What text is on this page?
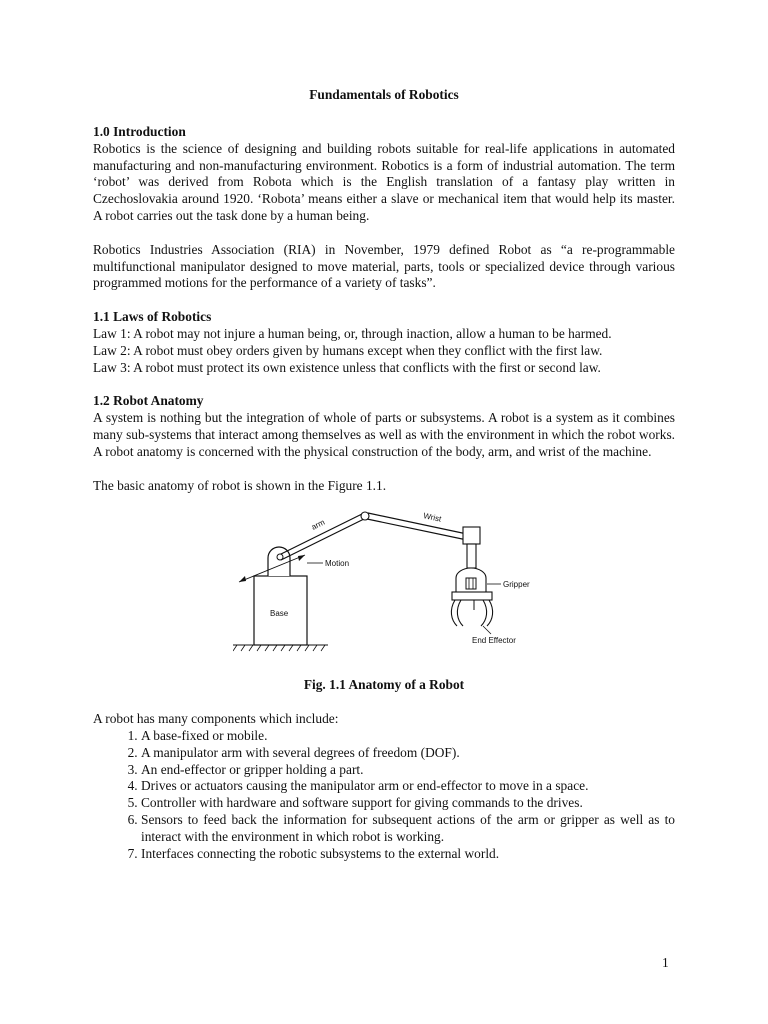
Fundamentals of Robotics
1.0 Introduction

Robotics is the science of designing and building robots suitable for real-life applications in automated manufacturing and non-manufacturing environment. Robotics is a form of industrial automation. The term ‘robot’ was derived from Robota which is the English translation of a fantasy play written in Czechoslovakia around 1920. ‘Robota’ means either a slave or mechanical item that would help its master. A robot carries out the task done by a human being.

Robotics Industries Association (RIA) in November, 1979 defined Robot as “a re-programmable multifunctional manipulator designed to move material, parts, tools or specialized device through various programmed motions for the performance of a variety of tasks”.

1.1 Laws of Robotics

Law 1: A robot may not injure a human being, or, through inaction, allow a human to be harmed.

Law 2: A robot must obey orders given by humans except when they conflict with the first law.

Law 3: A robot must protect its own existence unless that conflicts with the first or second law.

1.2 Robot Anatomy

A system is nothing but the integration of whole of parts or subsystems. A robot is a system as it combines many sub-systems that interact among themselves as well as with the environment in which the robot works. A robot anatomy is concerned with the physical construction of the body, arm, and wrist of the machine.

The basic anatomy of robot is shown in the Figure 1.1.

Base
Motion
arm
Wrist
Gripper
End Effector

Fig. 1.1 Anatomy of a Robot

A robot has many components which include:

1. A base-fixed or mobile.
2. A manipulator arm with several degrees of freedom (DOF).
3. An end-effector or gripper holding a part.
4. Drives or actuators causing the manipulator arm or end-effector to move in a space.
5. Controller with hardware and software support for giving commands to the drives.
6. Sensors to feed back the information for subsequent actions of the arm or gripper as well as to interact with the environment in which robot is working.
7. Interfaces connecting the robotic subsystems to the external world.
1
